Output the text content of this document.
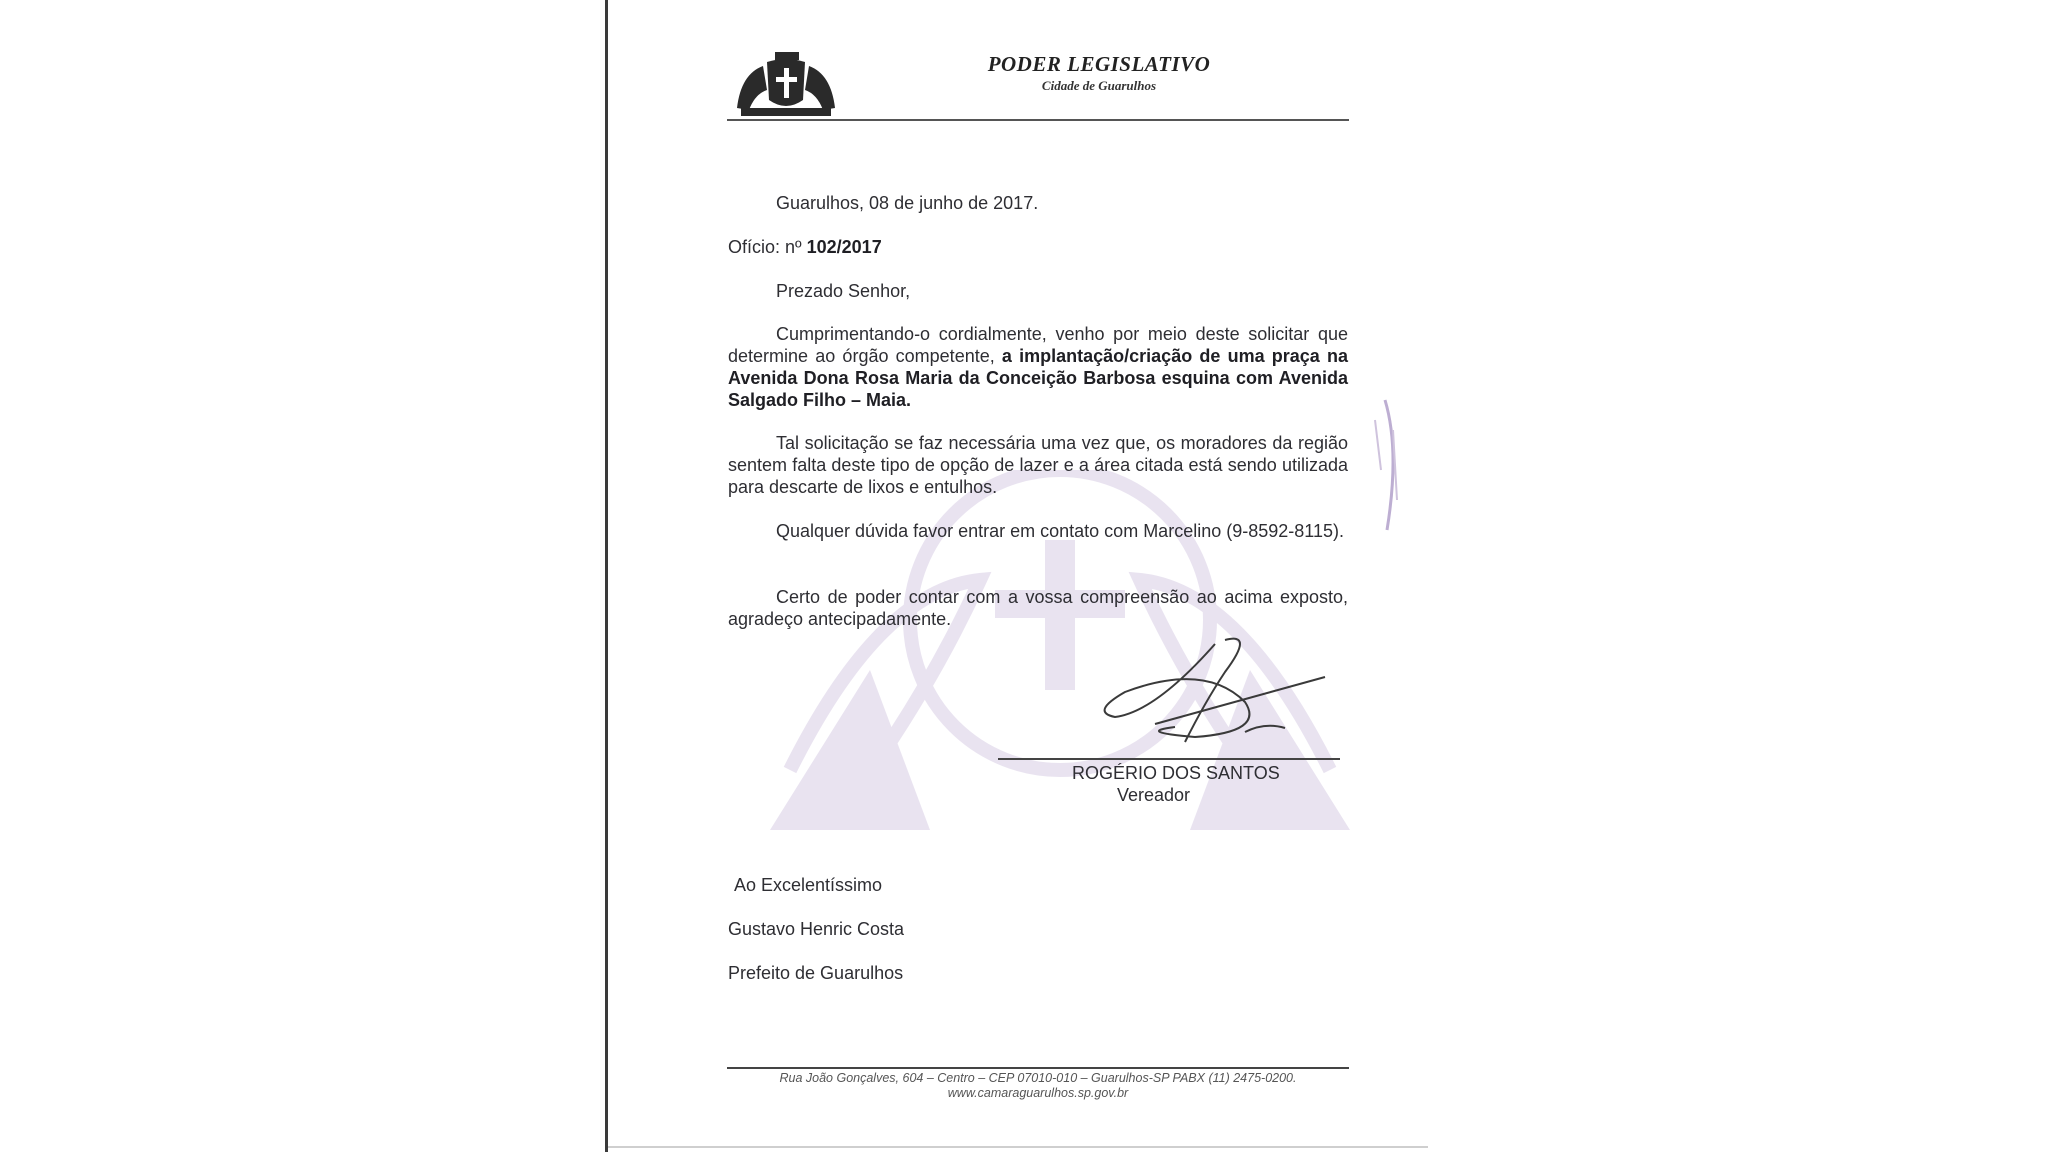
PODER LEGISLATIVO
Cidade de Guarulhos
Guarulhos, 08 de junho de 2017.
Ofício: nº 102/2017
Prezado Senhor,
Cumprimentando-o cordialmente, venho por meio deste solicitar que determine ao órgão competente, a implantação/criação de uma praça na Avenida Dona Rosa Maria da Conceição Barbosa esquina com Avenida Salgado Filho – Maia.
Tal solicitação se faz necessária uma vez que, os moradores da região sentem falta deste tipo de opção de lazer e a área citada está sendo utilizada para descarte de lixos e entulhos.
Qualquer dúvida favor entrar em contato com Marcelino (9-8592-8115).
Certo de poder contar com a vossa compreensão ao acima exposto, agradeço antecipadamente.
ROGÉRIO DOS SANTOS
Vereador
Ao Excelentíssimo
Gustavo Henric Costa
Prefeito de Guarulhos
Rua João Gonçalves, 604 – Centro – CEP 07010-010 – Guarulhos-SP PABX (11) 2475-0200.
www.camaraguarulhos.sp.gov.br
